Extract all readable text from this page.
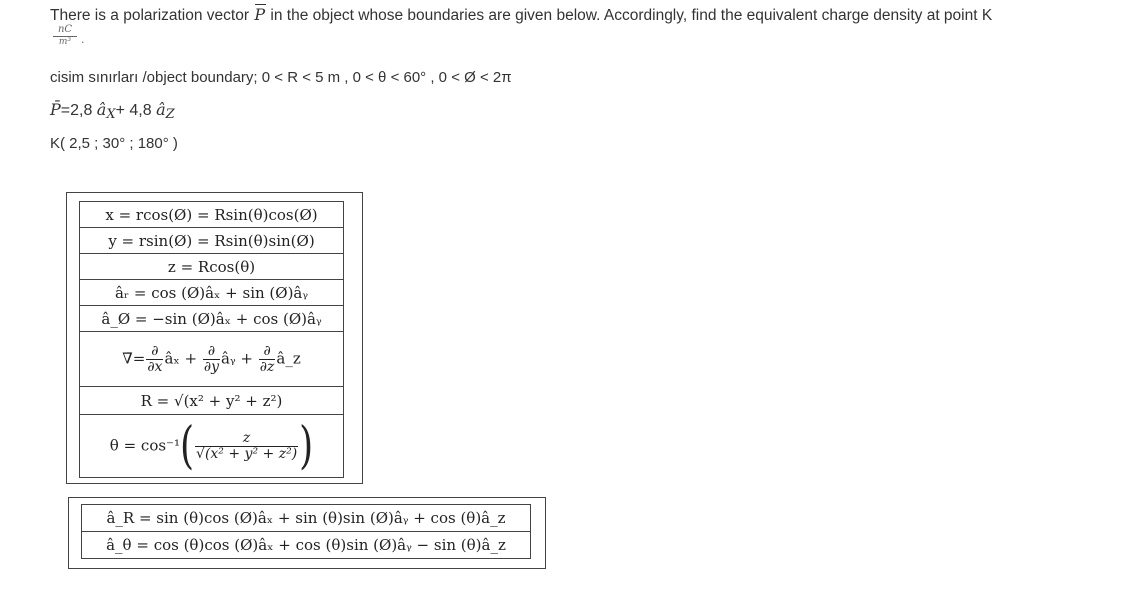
There is a polarization vector P in the object whose boundaries are given below. Accordingly, find the equivalent charge density at point K
nC
m³ .
cisim sınırları /object boundary; 0 < R < 5 m , 0 < θ < 60° , 0 < Ø < 2π
P̄=2,8 $â_X+ 4,8$ $â_Z$
K( 2,5 ; 30° ; 180° )
x = rcos(Ø) = Rsin(θ)cos(Ø)
y = rsin(Ø) = Rsin(θ)sin(Ø)
z = Rcos(θ)
âᵣ = cos (Ø)âₓ + sin (Ø)âᵧ
â_Ø = −sin (Ø)âₓ + cos (Ø)âᵧ
∇̄= $\frac{\partial}{\partial x}$ âₓ + $\frac{\partial}{\partial y}$ âᵧ + $\frac{\partial}{\partial z}$ â_z
R = √(x² + y² + z²)
$\theta = \cos^{-1}( \frac{z}{\text{√(x² + y² + z²)}}$ )
â_R = sin (θ)cos (Ø)âₓ + sin (θ)sin (Ø)âᵧ + cos (θ)â_z
â_θ = cos (θ)cos (Ø)âₓ + cos (θ)sin (Ø)âᵧ − sin (θ)â_z
